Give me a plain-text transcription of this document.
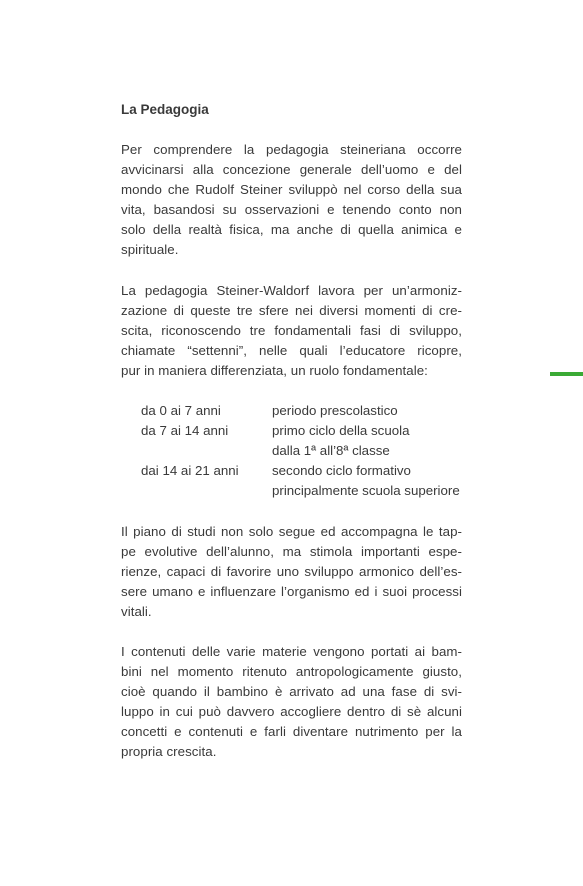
La Pedagogia
Per comprendere la pedagogia steineriana occorre
avvicinarsi alla concezione generale dell’uomo e del
mondo che Rudolf Steiner sviluppò nel corso della sua
vita, basandosi su osservazioni e tenendo conto non
solo della realtà fisica, ma anche di quella animica e
spirituale.
La pedagogia Steiner-Waldorf lavora per un’armoniz-
zazione di queste tre sfere nei diversi momenti di cre-
scita, riconoscendo tre fondamentali fasi di sviluppo,
chiamate “settenni”, nelle quali l’educatore ricopre,
pur in maniera differenziata, un ruolo fondamentale:
da 0 ai 7 anni	periodo prescolastico
da 7 ai 14 anni	primo ciclo della scuola
dalla 1ª all’8ª classe
dai 14 ai 21 anni	secondo ciclo formativo
principalmente scuola superiore
Il piano di studi non solo segue ed accompagna le tap-
pe evolutive dell’alunno, ma stimola importanti espe-
rienze, capaci di favorire uno sviluppo armonico dell’es-
sere umano e influenzare l’organismo ed i suoi processi
vitali.
I contenuti delle varie materie vengono portati ai bam-
bini nel momento ritenuto antropologicamente giusto,
cioè quando il bambino è arrivato ad una fase di svi-
luppo in cui può davvero accogliere dentro di sè alcuni
concetti e contenuti e farli diventare nutrimento per la
propria crescita.
